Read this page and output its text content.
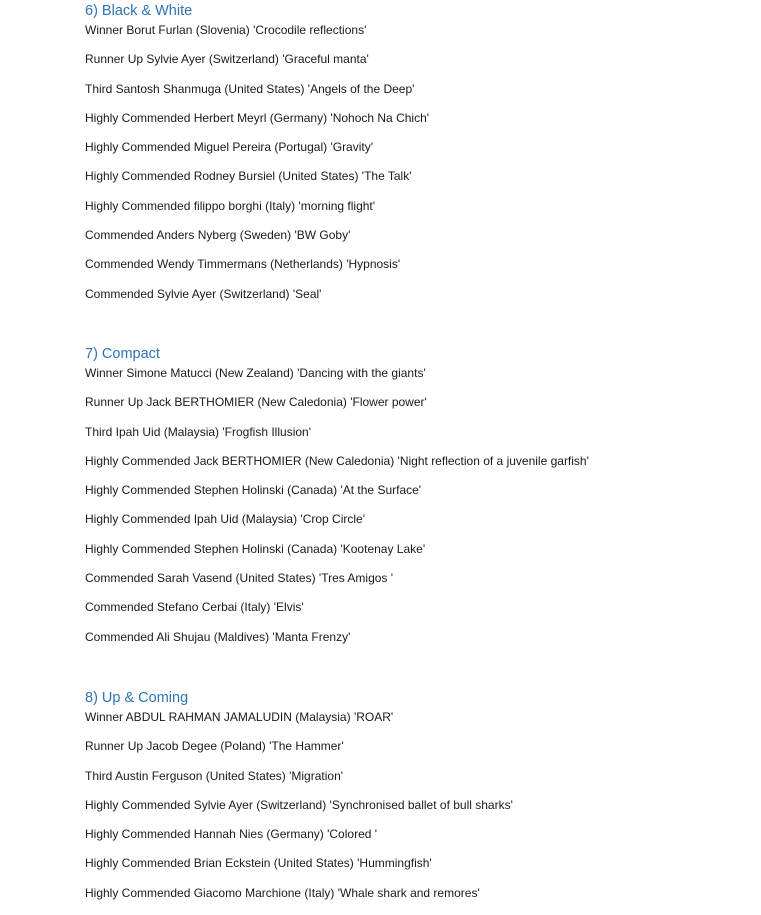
6) Black & White
Winner Borut Furlan (Slovenia) 'Crocodile reflections'
Runner Up Sylvie Ayer (Switzerland) 'Graceful manta'
Third Santosh Shanmuga (United States) 'Angels of the Deep'
Highly Commended Herbert Meyrl (Germany) 'Nohoch Na Chich'
Highly Commended Miguel Pereira (Portugal) 'Gravity'
Highly Commended Rodney Bursiel (United States) 'The Talk'
Highly Commended filippo borghi (Italy) 'morning flight'
Commended Anders Nyberg (Sweden) 'BW Goby'
Commended Wendy Timmermans (Netherlands) 'Hypnosis'
Commended Sylvie Ayer (Switzerland) 'Seal'
7) Compact
Winner Simone Matucci (New Zealand) 'Dancing with the giants'
Runner Up Jack BERTHOMIER (New Caledonia) 'Flower power'
Third Ipah Uid (Malaysia) 'Frogfish Illusion'
Highly Commended Jack BERTHOMIER (New Caledonia) 'Night reflection of a juvenile garfish'
Highly Commended Stephen Holinski (Canada) 'At the Surface'
Highly Commended Ipah Uid (Malaysia) 'Crop Circle'
Highly Commended Stephen Holinski (Canada) 'Kootenay Lake'
Commended Sarah Vasend (United States) 'Tres Amigos '
Commended Stefano Cerbai (Italy) 'Elvis'
Commended Ali Shujau (Maldives) 'Manta Frenzy'
8) Up & Coming
Winner ABDUL RAHMAN JAMALUDIN (Malaysia) 'ROAR'
Runner Up Jacob Degee (Poland) 'The Hammer'
Third Austin Ferguson (United States) 'Migration'
Highly Commended Sylvie Ayer (Switzerland) 'Synchronised ballet of bull sharks'
Highly Commended Hannah Nies (Germany) 'Colored '
Highly Commended Brian Eckstein (United States) 'Hummingfish'
Highly Commended Giacomo Marchione (Italy) 'Whale shark and remores'
